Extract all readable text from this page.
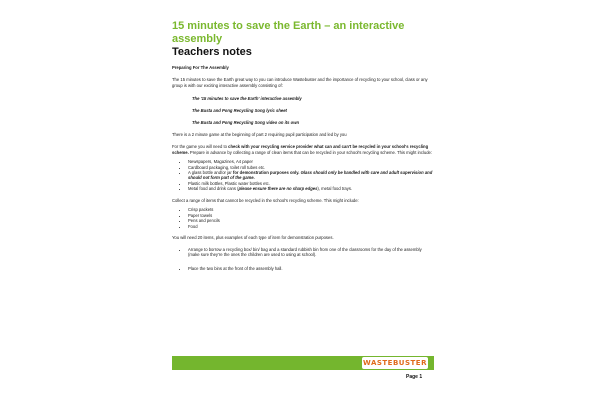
15 minutes to save the Earth – an interactive
assembly

Teachers notes

Preparing For The Assembly

The 15 minutes to save the Earth great way to you can introduce Wastebuster and the importance of recycling to your school, class or any group is with our exciting interactive assembly consisting of:

The '15 minutes to save the Earth' interactive assembly

The Busta and Pong Recycling Song lyric sheet

The Busta and Pong Recycling Song video on its own

There is a 2 minute game at the beginning of part 2 requiring pupil participation and led by you

For the game you will need to check with your recycling service provider what can and can't be recycled in your school's recycling scheme. Prepare in advance by collecting a range of clean items that can be recycled in your school's recycling scheme. This might include:

• Newspapers, Magazines, A4 paper
• Cardboard packaging, toilet roll tubes etc.
• A glass bottle and/or jar for demonstration purposes only. Glass should only be handled with care and adult supervision and should not form part of the game.
• Plastic milk bottles, Plastic water bottles etc.
• Metal food and drink cans (please ensure there are no sharp edges), metal food trays.

Collect a range of items that cannot be recycled in the school's recycling scheme. This might include:

• Crisp packets
• Paper towels
• Pens and pencils
• Food

You will need 20 items, plus examples of each type of item for demonstration purposes.

• Arrange to borrow a recycling box/ bin/ bag and a standard rubbish bin from one of the classrooms for the day of the assembly (make sure they're the ones the children are used to using at school).
• Place the two bins at the front of the assembly hall.
WASTEBUSTER
Page 1
